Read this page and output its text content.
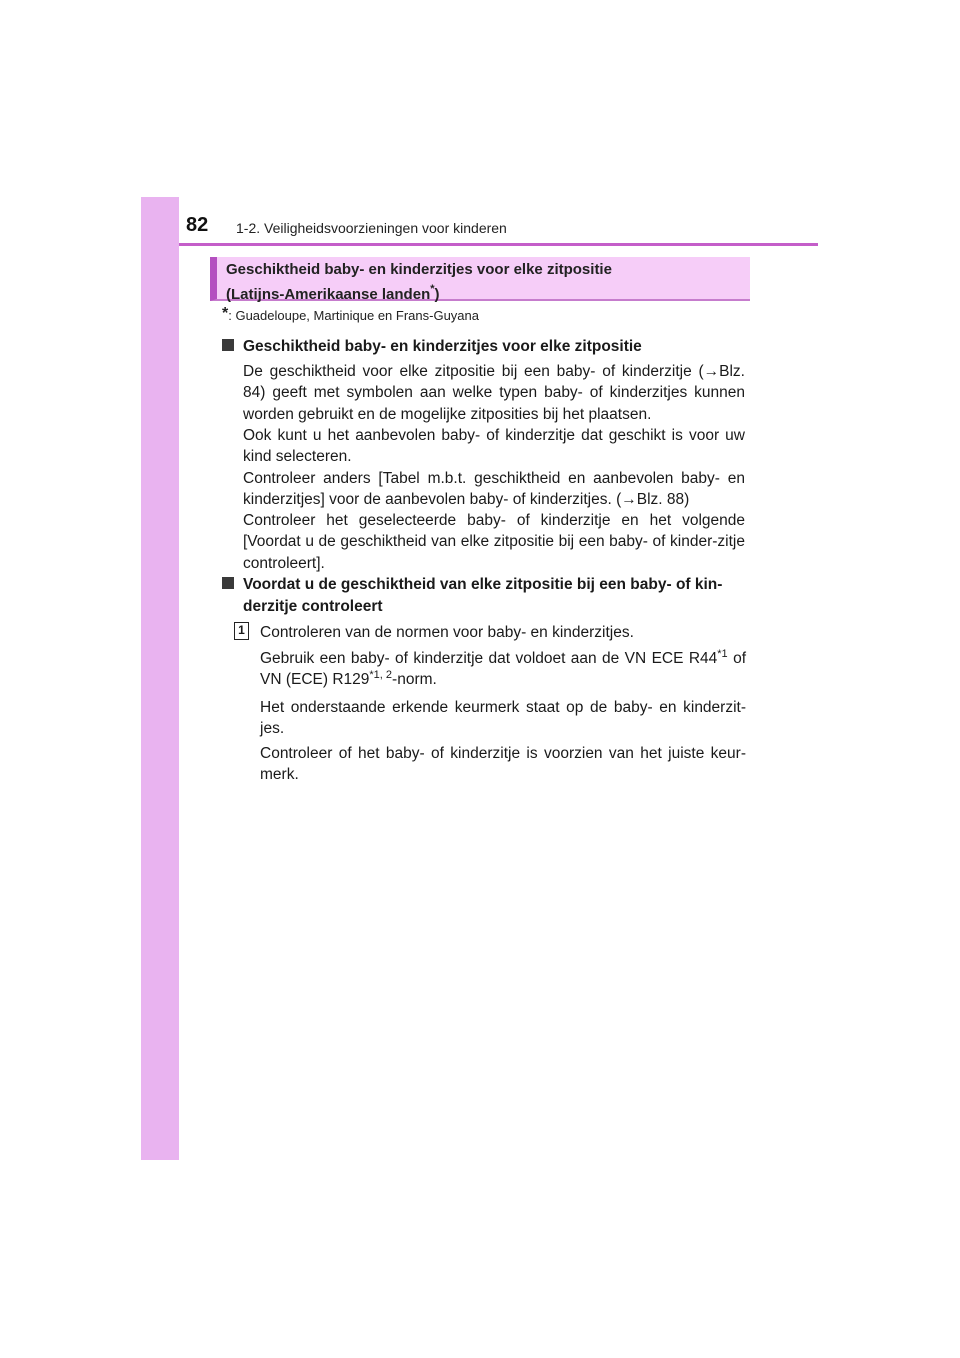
82 1-2. Veiligheidsvoorzieningen voor kinderen
Geschiktheid baby- en kinderzitjes voor elke zitpositie
(Latijns-Amerikaanse landen*)
*: Guadeloupe, Martinique en Frans-Guyana
Geschiktheid baby- en kinderzitjes voor elke zitpositie
De geschiktheid voor elke zitpositie bij een baby- of kinderzitje (→Blz. 84) geeft met symbolen aan welke typen baby- of kinderzitjes kunnen worden gebruikt en de mogelijke zitposities bij het plaatsen.
Ook kunt u het aanbevolen baby- of kinderzitje dat geschikt is voor uw kind selecteren.
Controleer anders [Tabel m.b.t. geschiktheid en aanbevolen baby- en kinderzitjes] voor de aanbevolen baby- of kinderzitjes. (→Blz. 88)
Controleer het geselecteerde baby- of kinderzitje en het volgende [Voordat u de geschiktheid van elke zitpositie bij een baby- of kinder-zitje controleert].
Voordat u de geschiktheid van elke zitpositie bij een baby- of kin-derzitje controleert
1 Controleren van de normen voor baby- en kinderzitjes.
Gebruik een baby- of kinderzitje dat voldoet aan de VN ECE R44$^{*1}$ of VN (ECE) R129$^{*1, 2}$-norm.
Het onderstaande erkende keurmerk staat op de baby- en kinderzit-jes.
Controleer of het baby- of kinderzitje is voorzien van het juiste keur-merk.
